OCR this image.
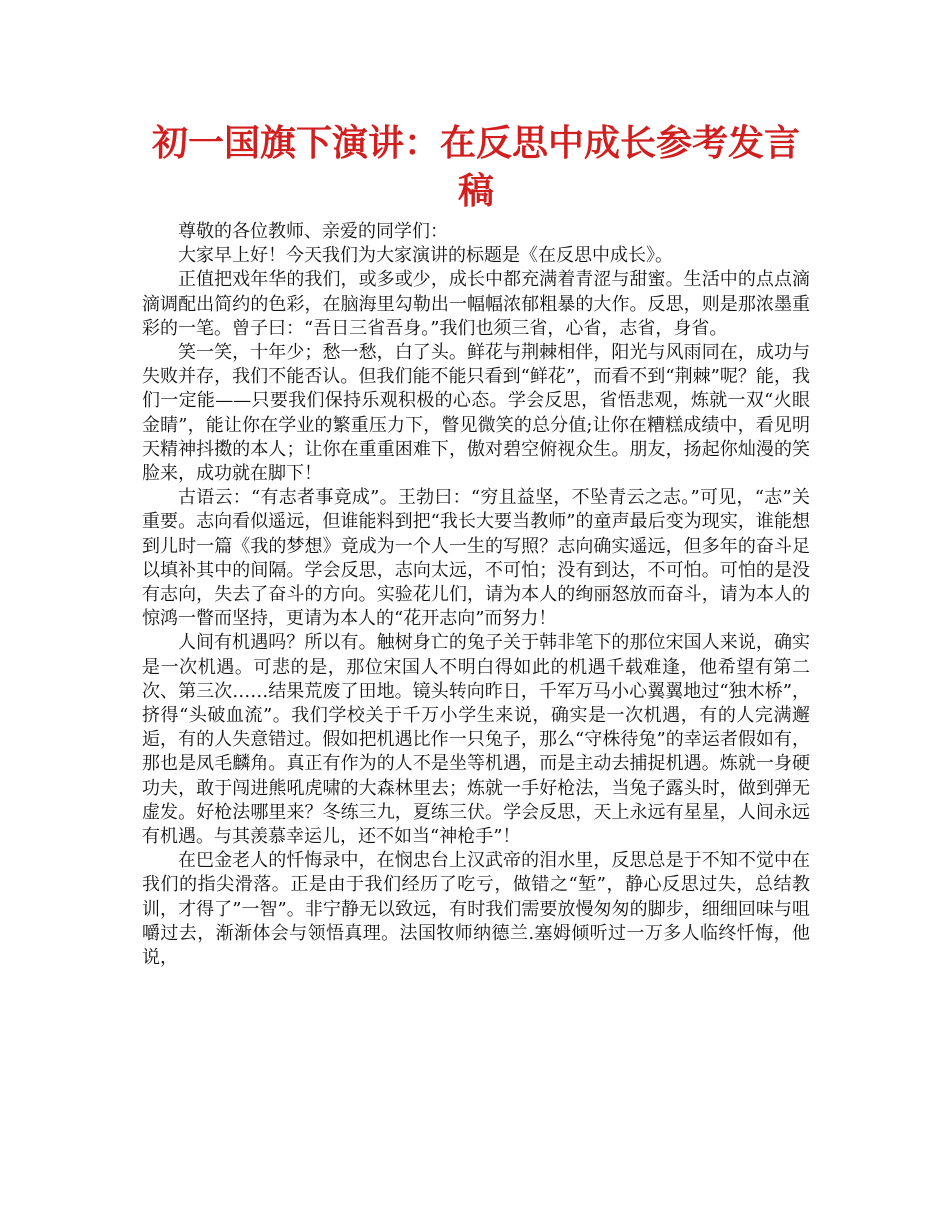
初一国旗下演讲：在反思中成长参考发言稿

尊敬的各位教师、亲爱的同学们：

大家早上好！今天我们为大家演讲的标题是《在反思中成长》。

正值把戏年华的我们，或多或少，成长中都充满着青涩与甜蜜。生活中的点点滴滴调配出简约的色彩，在脑海里勾勒出一幅幅浓郁粗暴的大作。反思，则是那浓墨重彩的一笔。曾子曰：“吾日三省吾身。”我们也须三省，心省，志省，身省。

笑一笑，十年少；愁一愁，白了头。鲜花与荆棘相伴，阳光与风雨同在，成功与失败并存，我们不能否认。但我们能不能只看到“鲜花”，而看不到“荆棘”呢？能，我们一定能——只要我们保持乐观积极的心态。学会反思，省悟悲观，炼就一双“火眼金睛”，能让你在学业的繁重压力下，瞥见微笑的总分值;让你在糟糕成绩中，看见明天精神抖擞的本人；让你在重重困难下，傲对碧空俯视众生。朋友，扬起你灿漫的笑脸来，成功就在脚下！

古语云：“有志者事竟成”。王勃曰：“穷且益坚，不坠青云之志。”可见，“志”关重要。志向看似遥远，但谁能料到把“我长大要当教师”的童声最后变为现实，谁能想到儿时一篇《我的梦想》竟成为一个人一生的写照？志向确实遥远，但多年的奋斗足以填补其中的间隔。学会反思，志向太远，不可怕；没有到达，不可怕。可怕的是没有志向，失去了奋斗的方向。实验花儿们，请为本人的绚丽怒放而奋斗，请为本人的惊鸿一瞥而坚持，更请为本人的“花开志向”而努力！

人间有机遇吗？所以有。触树身亡的兔子关于韩非笔下的那位宋国人来说，确实是一次机遇。可悲的是，那位宋国人不明白得如此的机遇千载难逢，他希望有第二次、第三次……结果荒废了田地。镜头转向昨日，千军万马小心翼翼地过“独木桥”，挤得“头破血流”。我们学校关于千万小学生来说，确实是一次机遇，有的人完满邂逅，有的人失意错过。假如把机遇比作一只兔子，那么“守株待兔”的幸运者假如有，那也是凤毛麟角。真正有作为的人不是坐等机遇，而是主动去捕捉机遇。炼就一身硬功夫，敢于闯进熊吼虎啸的大森林里去；炼就一手好枪法，当兔子露头时，做到弹无虚发。好枪法哪里来？冬练三九，夏练三伏。学会反思，天上永远有星星，人间永远有机遇。与其羡慕幸运儿，还不如当“神枪手”！

在巴金老人的忏悔录中，在悯忠台上汉武帝的泪水里，反思总是于不知不觉中在我们的指尖滑落。正是由于我们经历了吃亏，做错之“堑”，静心反思过失，总结教训，才得了”一智”。非宁静无以致远，有时我们需要放慢匆匆的脚步，细细回味与咀嚼过去，渐渐体会与领悟真理。法国牧师纳德兰.塞姆倾听过一万多人临终忏悔，他说，
